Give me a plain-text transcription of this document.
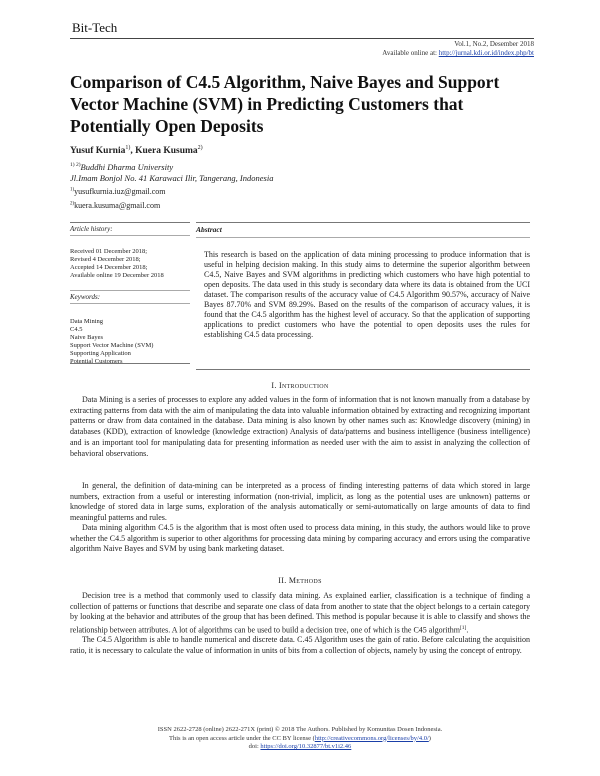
Bit-Tech
Vol.1, No.2, Desember 2018
Available online at: http://jurnal.kdi.or.id/index.php/bt
Comparison of C4.5 Algorithm, Naive Bayes and Support Vector Machine (SVM) in Predicting Customers that Potentially Open Deposits
Yusuf Kurnia$^{1)}$, Kuera Kusuma$^{2)}$
$^{1) 2)}$Buddhi Dharma University
Jl.Imam Bonjol No. 41 Karawaci Ilir, Tangerang, Indonesia
$^{1)}$yusufkurnia.iuz@gmail.com
$^{2)}$kuera.kusuma@gmail.com
Article history:
Received 01 December 2018;
Revised 4 December 2018;
Accepted 14 December 2018;
Available online 19 December 2018
Keywords:
Data Mining
C4.5
Naive Bayes
Support Vector Machine (SVM)
Supporting Application
Potential Customers
Abstract
This research is based on the application of data mining processing to produce information that is useful in helping decision making. In this study aims to determine the superior algorithm between C4.5, Naive Bayes and SVM algorithms in predicting which customers who have high potential to open deposits. The data used in this study is secondary data where its data is obtained from the UCI dataset. The comparison results of the accuracy value of C4.5 Algorithm 90.57%, accuracy of Naive Bayes 87.70% and SVM 89.29%. Based on the results of the comparison of accuracy values, it is found that the C4.5 algorithm has the highest level of accuracy. So that the application of supporting applications to predict customers who have the potential to open deposits uses the rules for establishing C4.5 data processing.
I. Introduction

Data Mining is a series of processes to explore any added values in the form of information that is not known manually from a database by extracting patterns from data with the aim of manipulating the data into valuable information obtained by extracting and recognizing important patterns or draw from data contained in the database. Data mining is also known by other names such as: Knowledge discovery (mining) in databases (KDD), extraction of knowledge (knowledge extraction) Analysis of data/patterns and business intelligence (business intelligence) and is an important tool for manipulating data for presenting information as needed user with the aim to assist in analyzing the collection of behavioral observations.

In general, the definition of data-mining can be interpreted as a process of finding interesting patterns of data which stored in large numbers, extraction from a useful or interesting information (non-trivial, implicit, as long as the potential uses are unknown) patterns or knowledge of stored data in large sums, exploration of the analysis automatically or semi-automatically on large amounts of data to find meaningful patterns and rules.

Data mining algorithm C4.5 is the algorithm that is most often used to process data mining, in this study, the authors would like to prove whether the C4.5 algorithm is superior to other algorithms for processing data mining by comparing accuracy and errors using the comparative algorithm Naive Bayes and SVM by using bank marketing dataset.

II. Methods

Decision tree is a method that commonly used to classify data mining. As explained earlier, classification is a technique of finding a collection of patterns or functions that describe and separate one class of data from another to state that the object belongs to a certain category by looking at the behavior and attributes of the group that has been defined. This method is popular because it is able to classify and shows the relationship between attributes. A lot of algorithms can be used to build a decision tree, one of which is the C45 algorithm[1].

The C4.5 Algorithm is able to handle numerical and discrete data. C.45 Algorithm uses the gain of ratio. Before calculating the acquisition ratio, it is necessary to calculate the value of information in units of bits from a collection of objects, namely by using the concept of entropy.

ISSN 2622-2728 (online) 2622-271X (print) © 2018 The Authors. Published by Komunitas Dosen Indonesia.
This is an open access article under the CC BY license (http://creativecommons.org/licenses/by/4.0/)
doi: https://doi.org/10.32877/bt.v1i2.46
